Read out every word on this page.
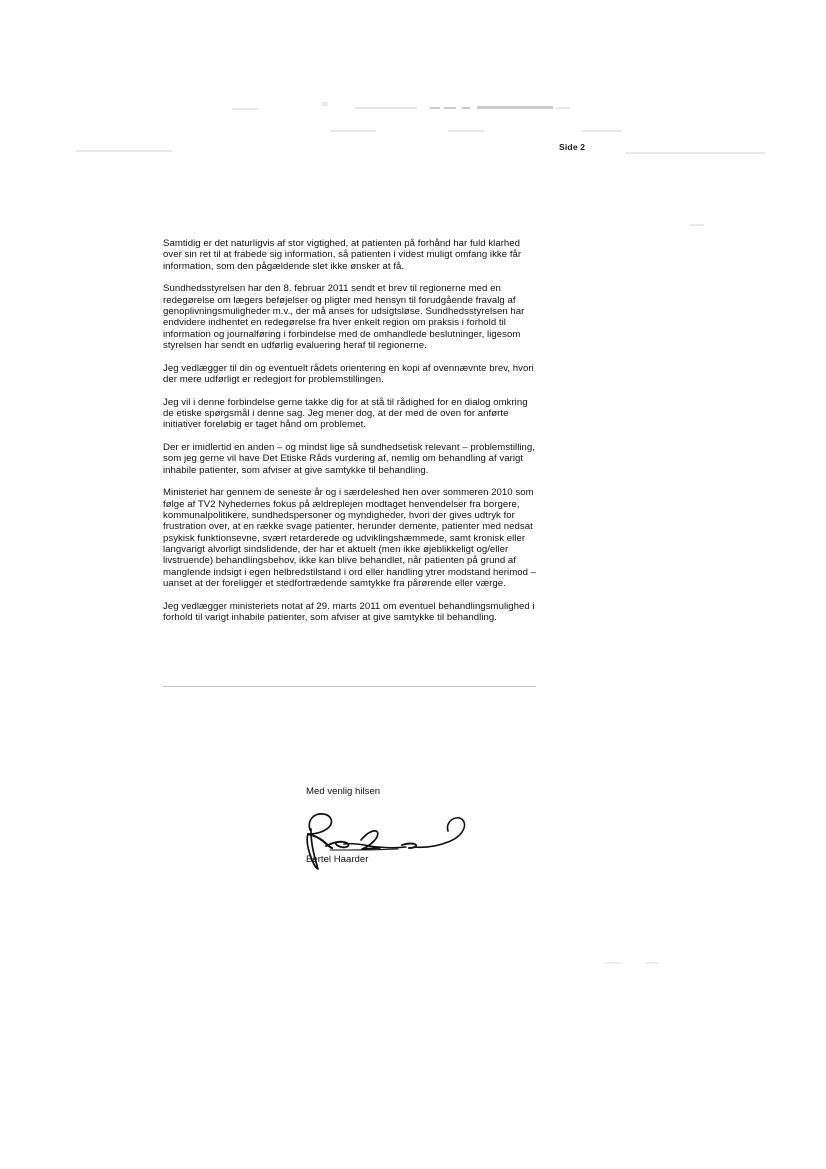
Side 2

Samtidig er det naturligvis af stor vigtighed, at patienten på forhånd har fuld klarhed over sin ret til at frabede sig information, så patienten i videst muligt omfang ikke får information, som den pågældende slet ikke ønsker at få.

Sundhedsstyrelsen har den 8. februar 2011 sendt et brev til regionerne med en redegørelse om lægers beføjelser og pligter med hensyn til forudgående fravalg af genoplivningsmuligheder m.v., der må anses for udsigtsløse. Sundhedsstyrelsen har endvidere indhentet en redegørelse fra hver enkelt region om praksis i forhold til information og journalføring i forbindelse med de omhandlede beslutninger, ligesom styrelsen har sendt en udførlig evaluering heraf til regionerne.

Jeg vedlægger til din og eventuelt rådets orientering en kopi af ovennævnte brev, hvori der mere udførligt er redegjort for problemstillingen.

Jeg vil i denne forbindelse gerne takke dig for at stå til rådighed for en dialog omkring de etiske spørgsmål i denne sag. Jeg mener dog, at der med de oven for anførte initiativer foreløbig er taget hånd om problemet.

Der er imidlertid en anden – og mindst lige så sundhedsetisk relevant – problemstilling, som jeg gerne vil have Det Etiske Råds vurdering af, nemlig om behandling af varigt inhabile patienter, som afviser at give samtykke til behandling.

Ministeriet har gennem de seneste år og i særdeleshed hen over sommeren 2010 som følge af TV2 Nyhedernes fokus på ældreplejen modtaget henvendelser fra borgere, kommunalpolitikere, sundhedspersoner og myndigheder, hvori der gives udtryk for frustration over, at en række svage patienter, herunder demente, patienter med nedsat psykisk funktionsevne, svært retarderede og udviklingshæmmede, samt kronisk eller langvarigt alvorligt sindslidende, der har et aktuelt (men ikke øjeblikkeligt og/eller livstruende) behandlingsbehov, ikke kan blive behandlet, når patienten på grund af manglende indsigt i egen helbredstilstand i ord eller handling ytrer modstand herimod – uanset at der foreligger et stedfortrædende samtykke fra pårørende eller værge.

Jeg vedlægger ministeriets notat af 29. marts 2011 om eventuel behandlingsmulighed i forhold til varigt inhabile patienter, som afviser at give samtykke til behandling.

Med venlig hilsen

Bertel Haarder
